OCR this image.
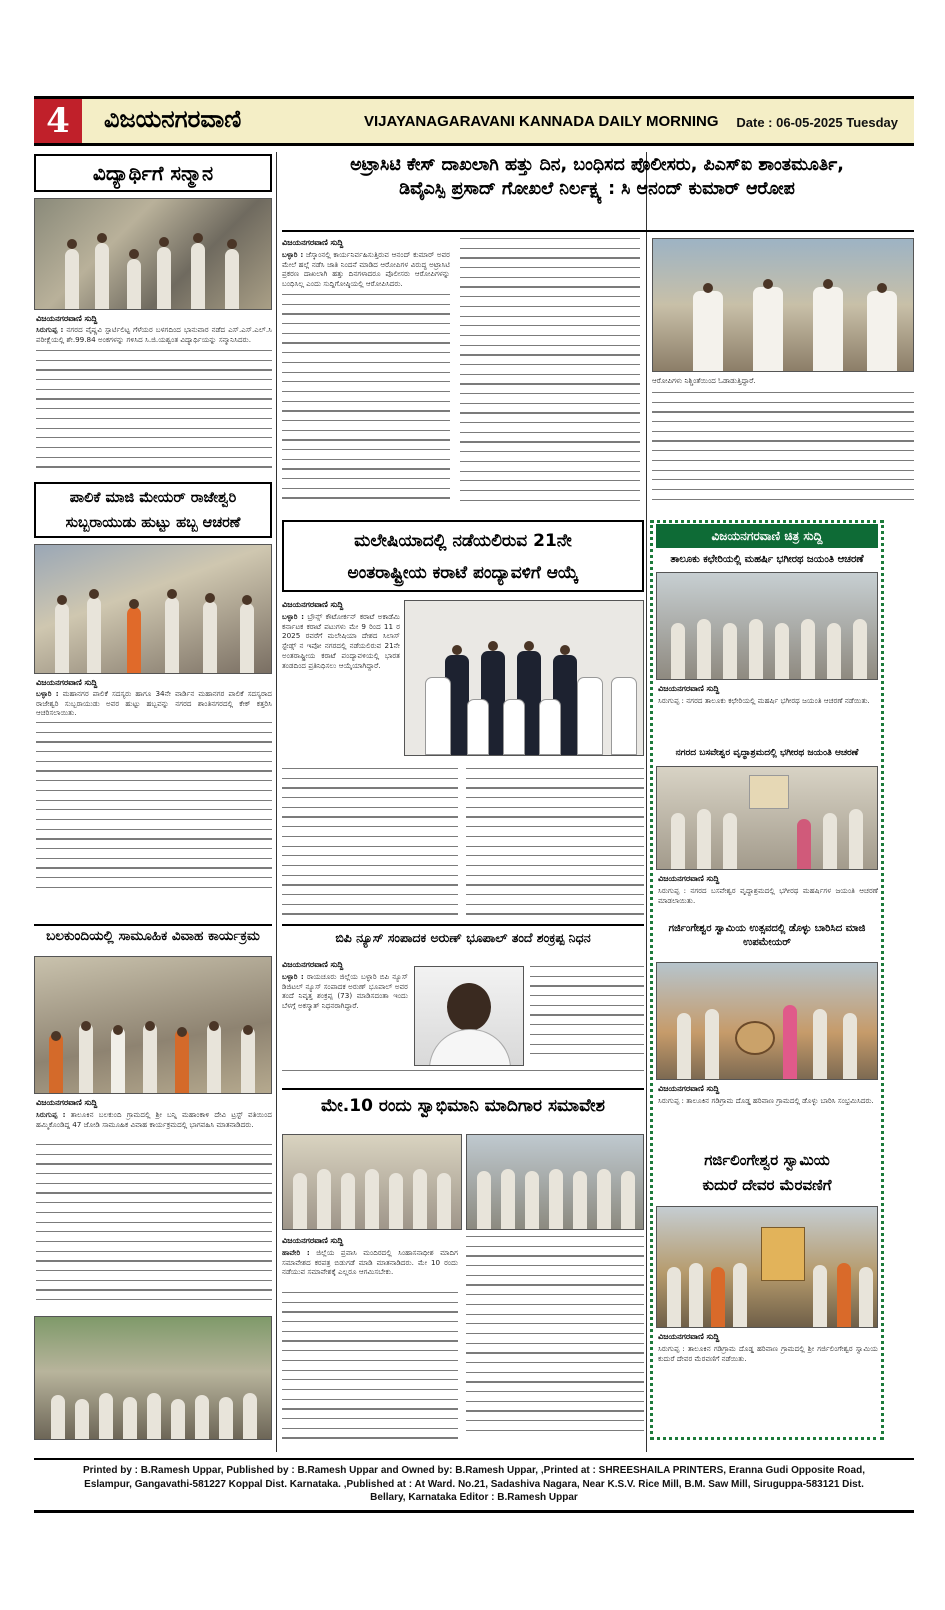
4	ವಿಜಯನಗರವಾಣಿ	VIJAYANAGARAVANI KANNADA DAILY MORNING Date : 06-05-2025 Tuesday
ವಿದ್ಯಾರ್ಥಿಗೆ ಸನ್ಮಾನ
ವಿಜಯನಗರವಾಣಿ ಸುದ್ದಿ
ಸಿರುಗುಪ್ಪ : ನಗರದ ವೈಷ್ಣವಿ ಸ್ಪಾರ್ಟಿಲಿಟ್ಟ ಗೆಳೆಯರ ಬಳಗದಿಂದ ಭಾನುವಾರ ನಡೆದ ಎಸ್.ಎಸ್.ಎಲ್.ಸಿ ಪರೀಕ್ಷೆಯಲ್ಲಿ ಶೇ.99.84 ಅಂಕಗಳನ್ನು ಗಳಿಸಿದ ಸಿ.ಜಿ.ಯಶ್ವಂತ ವಿದ್ಯಾರ್ಥಿಯನ್ನು ಸನ್ಮಾನಿಸಿದರು.
ಪಾಲಿಕೆ ಮಾಜಿ ಮೇಯರ್ ರಾಜೇಶ್ವರಿ
ಸುಬ್ಬರಾಯುಡು ಹುಟ್ಟು ಹಬ್ಬ ಆಚರಣೆ
ವಿಜಯನಗರವಾಣಿ ಸುದ್ದಿ
ಬಳ್ಳಾರಿ : ಮಹಾನಗರ ಪಾಲಿಕೆ ಸದಸ್ಯರು ಹಾಗೂ 34ನೇ ವಾರ್ಡಿನ ಮಹಾನಗರ ಪಾಲಿಕೆ ಸದಸ್ಯರಾದ ರಾಜೇಶ್ವರಿ ಸುಬ್ಬರಾಯುಡು ಅವರ ಹುಟ್ಟು ಹಬ್ಬವನ್ನು ನಗರದ ಶಾಂತಿನಗರದಲ್ಲಿ ಕೇಕ್ ಕತ್ತರಿಸಿ ಆಚರಿಸಲಾಯಿತು.
ಬಲಕುಂದಿಯಲ್ಲಿ ಸಾಮೂಹಿಕ ವಿವಾಹ ಕಾರ್ಯಕ್ರಮ
ವಿಜಯನಗರವಾಣಿ ಸುದ್ದಿ
ಸಿರುಗುಪ್ಪ : ತಾಲೂಕಿನ ಬಲಕುಂದಿ ಗ್ರಾಮದಲ್ಲಿ ಶ್ರೀ ಬನ್ನಿ ಮಹಾಂಕಾಳಿ ದೇವಿ ಟ್ರಸ್ಟ್ ವತಿಯಿಂದ ಹಮ್ಮಿಕೊಂಡಿದ್ದ 47 ಜೋಡಿ ಸಾಮೂಹಿಕ ವಿವಾಹ ಕಾರ್ಯಕ್ರಮದಲ್ಲಿ ಭಾಗವಹಿಸಿ ಮಾತನಾಡಿದರು.
ಅಟ್ರಾಸಿಟಿ ಕೇಸ್ ದಾಖಲಾಗಿ ಹತ್ತು ದಿನ, ಬಂಧಿಸದ ಪೊಲೀಸರು, ಪಿಎಸ್‌ಐ ಶಾಂತಮೂರ್ತಿ,
ಡಿವೈಎಸ್ಪಿ ಪ್ರಸಾದ್ ಗೋಖಲೆ ನಿರ್ಲಕ್ಷ್ಯ : ಸಿ ಆನಂದ್ ಕುಮಾರ್ ಆರೋಪ
ವಿಜಯನಗರವಾಣಿ ಸುದ್ದಿ
ಬಳ್ಳಾರಿ : ಜೆಸ್ಕಾಂನಲ್ಲಿ ಕಾರ್ಯನಿರ್ವಹಿಸುತ್ತಿರುವ ಆನಂದ್ ಕುಮಾರ್ ಅವರ ಮೇಲೆ ಹಲ್ಲೆ ನಡೆಸಿ ಜಾತಿ ನಿಂದನೆ ಮಾಡಿದ ಆರೋಪಿಗಳ ವಿರುದ್ಧ ಅಟ್ರಾಸಿಟಿ ಪ್ರಕರಣ ದಾಖಲಾಗಿ ಹತ್ತು ದಿನಗಳಾದರೂ ಪೊಲೀಸರು ಆರೋಪಿಗಳನ್ನು ಬಂಧಿಸಿಲ್ಲ ಎಂದು ಸುದ್ದಿಗೋಷ್ಠಿಯಲ್ಲಿ ಆರೋಪಿಸಿದರು.
ಆರೋಪಿಗಳು ನಿಶ್ಚಿಂತೆಯಿಂದ ಓಡಾಡುತ್ತಿದ್ದಾರೆ.
ಮಲೇಷಿಯಾದಲ್ಲಿ ನಡೆಯಲಿರುವ 21ನೇ
ಅಂತರಾಷ್ಟ್ರೀಯ ಕರಾಟೆ ಪಂದ್ಯಾವಳಿಗೆ ಆಯ್ಕೆ
ವಿಜಯನಗರವಾಣಿ ಸುದ್ದಿ
ಬಳ್ಳಾರಿ : ಬ್ರೌನ್ಸ್ ಕೌಟೋರ್ಕನ್ ಕರಾಟೆ ಅಕಾಡೆಮಿ ಕರ್ನಾಟಕ ಕರಾಟೆ ಪಟುಗಳು ಮೇ 9 ರಿಂದ 11 ರ 2025 ರವರೆಗೆ ಮಲೇಷಿಯಾ ದೇಶದ ಸಿಲಾಸ್ ಸ್ಟೇಡ್ಸ್ ನ ಇಪೋ ನಗರದಲ್ಲಿ ನಡೆಯಲಿರುವ 21ನೇ ಅಂತರಾಷ್ಟ್ರೀಯ ಕರಾಟೆ ಪಂದ್ಯಾವಳಿಯಲ್ಲಿ ಭಾರತ ತಂಡದಿಂದ ಪ್ರತಿನಿಧಿಸಲು ಆಯ್ಕೆಯಾಗಿದ್ದಾರೆ.
ಬಿಪಿ ನ್ಯೂಸ್ ಸಂಪಾದಕ ಅರುಣ್ ಭೂಪಾಲ್ ತಂದೆ ಶಂಕ್ರಪ್ಪ ನಿಧನ
ವಿಜಯನಗರವಾಣಿ ಸುದ್ದಿ
ಬಳ್ಳಾರಿ : ರಾಯಚೂರು ಜಿಲ್ಲೆಯ ಬಳ್ಳಾರಿ ಬಿಪಿ ನ್ಯೂಸ್ ಡಿಜಿಟಲ್ ನ್ಯೂಸ್ ಸಂಪಾದಕ ಅರುಣ್ ಭೂಪಾಲ್ ಅವರ ತಂದೆ ನಿವೃತ್ತ ಶಂಕ್ರಪ್ಪ (73) ಮಾಡಿಸದಂತಾ ಇಂದು ಬೆಳಗ್ಗೆ ಅಕಸ್ಮಾತ್ ನಿಧನರಾಗಿದ್ದಾರೆ.
ಮೇ.10 ರಂದು ಸ್ವಾಭಿಮಾನಿ ಮಾದಿಗಾರ ಸಮಾವೇಶ
ವಿಜಯನಗರವಾಣಿ ಸುದ್ದಿ
ಹಾವೇರಿ : ಜಿಲ್ಲೆಯ ಪ್ರವಾಸಿ ಮಂದಿರದಲ್ಲಿ ಸಿಂಹಾಸನಾಧೀಶ ಮಾದಿಗ ಸಮಾವೇಶದ ಕರಪತ್ರ ಬಿಡುಗಡೆ ಮಾಡಿ ಮಾತನಾಡಿದರು. ಮೇ 10 ರಂದು ನಡೆಯುವ ಸಮಾವೇಶಕ್ಕೆ ಎಲ್ಲರೂ ಆಗಮಿಸಬೇಕು.
ವಿಜಯನಗರವಾಣಿ ಚಿತ್ರ ಸುದ್ದಿ
ತಾಲೂಕು ಕಛೇರಿಯಲ್ಲಿ ಮಹರ್ಷಿ ಭಗೀರಥ ಜಯಂತಿ ಆಚರಣೆ
ವಿಜಯನಗರವಾಣಿ ಸುದ್ದಿ
ಸಿರುಗುಪ್ಪ : ನಗರದ ತಾಲೂಕು ಕಛೇರಿಯಲ್ಲಿ ಮಹರ್ಷಿ ಭಗೀರಥ ಜಯಂತಿ ಆಚರಣೆ ನಡೆಯಿತು.
ನಗರದ ಬಸವೇಶ್ವರ ವೃದ್ಧಾಶ್ರಮದಲ್ಲಿ ಭಗೀರಥ ಜಯಂತಿ ಆಚರಣೆ
ವಿಜಯನಗರವಾಣಿ ಸುದ್ದಿ
ಸಿರುಗುಪ್ಪ : ನಗರದ ಬಸವೇಶ್ವರ ವೃದ್ಧಾಶ್ರಮದಲ್ಲಿ ಭಗೀರಥ ಮಹರ್ಷಿಗಳ ಜಯಂತಿ ಆಚರಣೆ ಮಾಡಲಾಯಿತು.
ಗರ್ಜಿಂಗೇಶ್ವರ ಸ್ವಾಮಿಯ ಉತ್ಸವದಲ್ಲಿ ಡೊಳ್ಳು ಬಾರಿಸಿದ ಮಾಜಿ ಉಪಮೇಯರ್
ವಿಜಯನಗರವಾಣಿ ಸುದ್ದಿ
ಸಿರುಗುಪ್ಪ : ತಾಲೂಕಿನ ಗಡಿಗ್ರಾಮ ದೊಡ್ಡ ಹರಿವಾಣ ಗ್ರಾಮದಲ್ಲಿ ಡೊಳ್ಳು ಬಾರಿಸಿ ಸಂಭ್ರಮಿಸಿದರು.
ಗರ್ಜಿಲಿಂಗೇಶ್ವರ ಸ್ವಾಮಿಯ
ಕುದುರೆ ದೇವರ ಮೆರವಣಿಗೆ
ವಿಜಯನಗರವಾಣಿ ಸುದ್ದಿ
ಸಿರುಗುಪ್ಪ : ತಾಲೂಕಿನ ಗಡಿಗ್ರಾಮ ದೊಡ್ಡ ಹರಿವಾಣ ಗ್ರಾಮದಲ್ಲಿ ಶ್ರೀ ಗರ್ಜಿಲಿಂಗೇಶ್ವರ ಸ್ವಾಮಿಯ ಕುದುರೆ ದೇವರ ಮೆರವಣಿಗೆ ನಡೆಯಿತು.
Printed by : B.Ramesh Uppar, Published by : B.Ramesh Uppar and Owned by: B.Ramesh Uppar, ,Printed at : SHREESHAILA PRINTERS, Eranna Gudi Opposite Road,
Eslampur, Gangavathi-581227 Koppal Dist. Karnataka. ,Published at : At Ward. No.21, Sadashiva Nagara, Near K.S.V. Rice Mill, B.M. Saw Mill, Siruguppa-583121 Dist.
Bellary, Karnataka Editor : B.Ramesh Uppar
